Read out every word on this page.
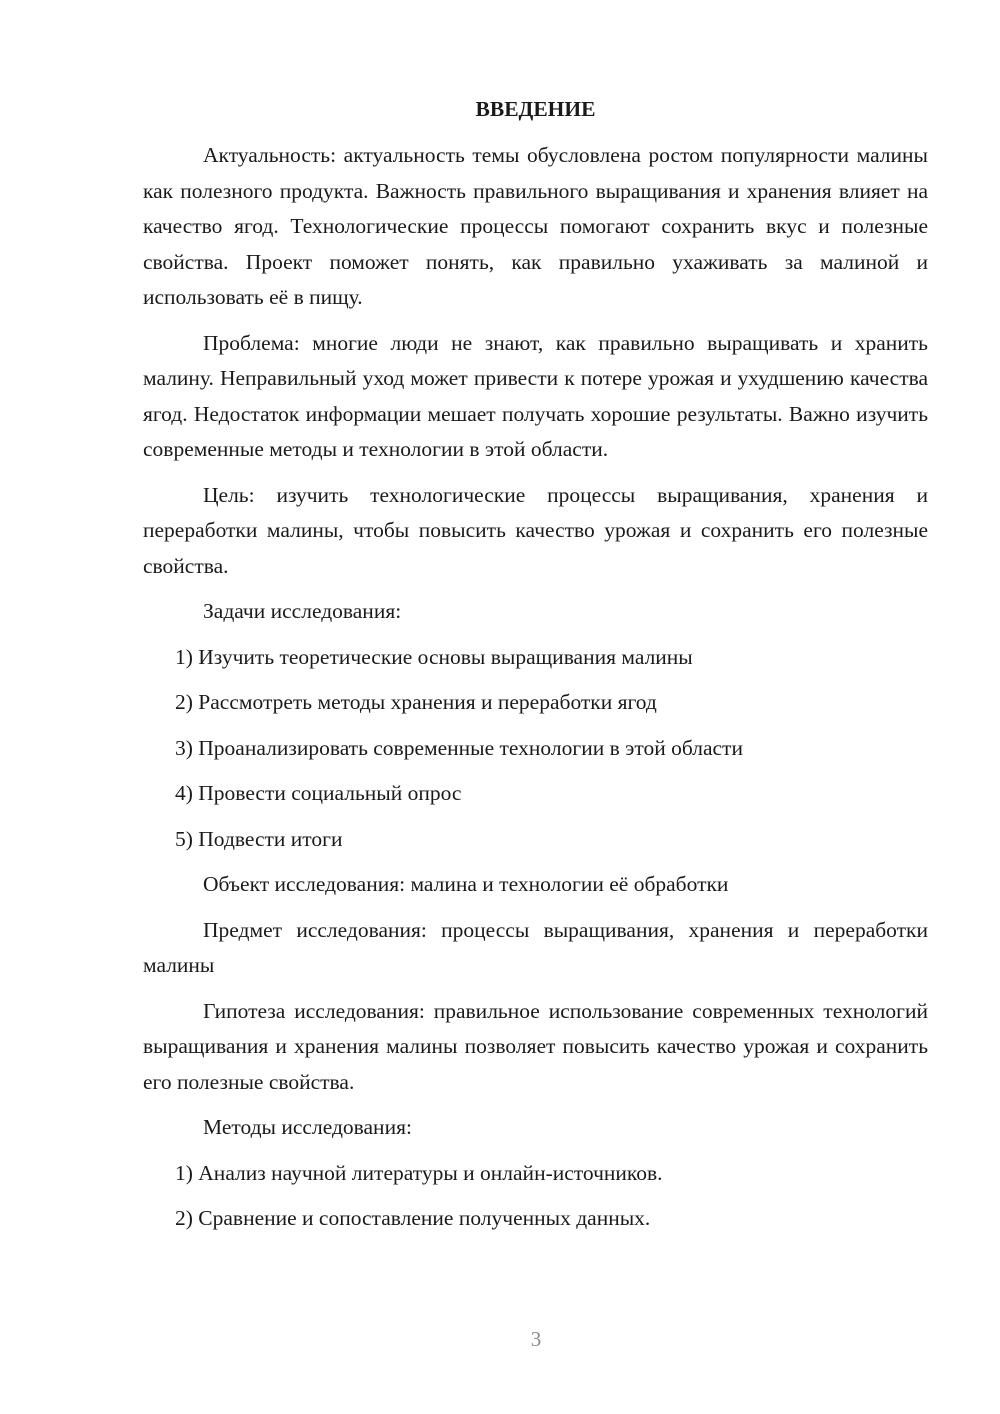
ВВЕДЕНИЕ

Актуальность: актуальность темы обусловлена ростом популярности малины как полезного продукта. Важность правильного выращивания и хранения влияет на качество ягод. Технологические процессы помогают сохранить вкус и полезные свойства. Проект поможет понять, как правильно ухаживать за малиной и использовать её в пищу.

Проблема: многие люди не знают, как правильно выращивать и хранить малину. Неправильный уход может привести к потере урожая и ухудшению качества ягод. Недостаток информации мешает получать хорошие результаты. Важно изучить современные методы и технологии в этой области.

Цель: изучить технологические процессы выращивания, хранения и переработки малины, чтобы повысить качество урожая и сохранить его полезные свойства.

Задачи исследования:

1) Изучить теоретические основы выращивания малины

2) Рассмотреть методы хранения и переработки ягод

3) Проанализировать современные технологии в этой области

4) Провести социальный опрос

5) Подвести итоги

Объект исследования: малина и технологии её обработки

Предмет исследования: процессы выращивания, хранения и переработки малины

Гипотеза исследования: правильное использование современных технологий выращивания и хранения малины позволяет повысить качество урожая и сохранить его полезные свойства.

Методы исследования:

1) Анализ научной литературы и онлайн-источников.

2) Сравнение и сопоставление полученных данных.

3
